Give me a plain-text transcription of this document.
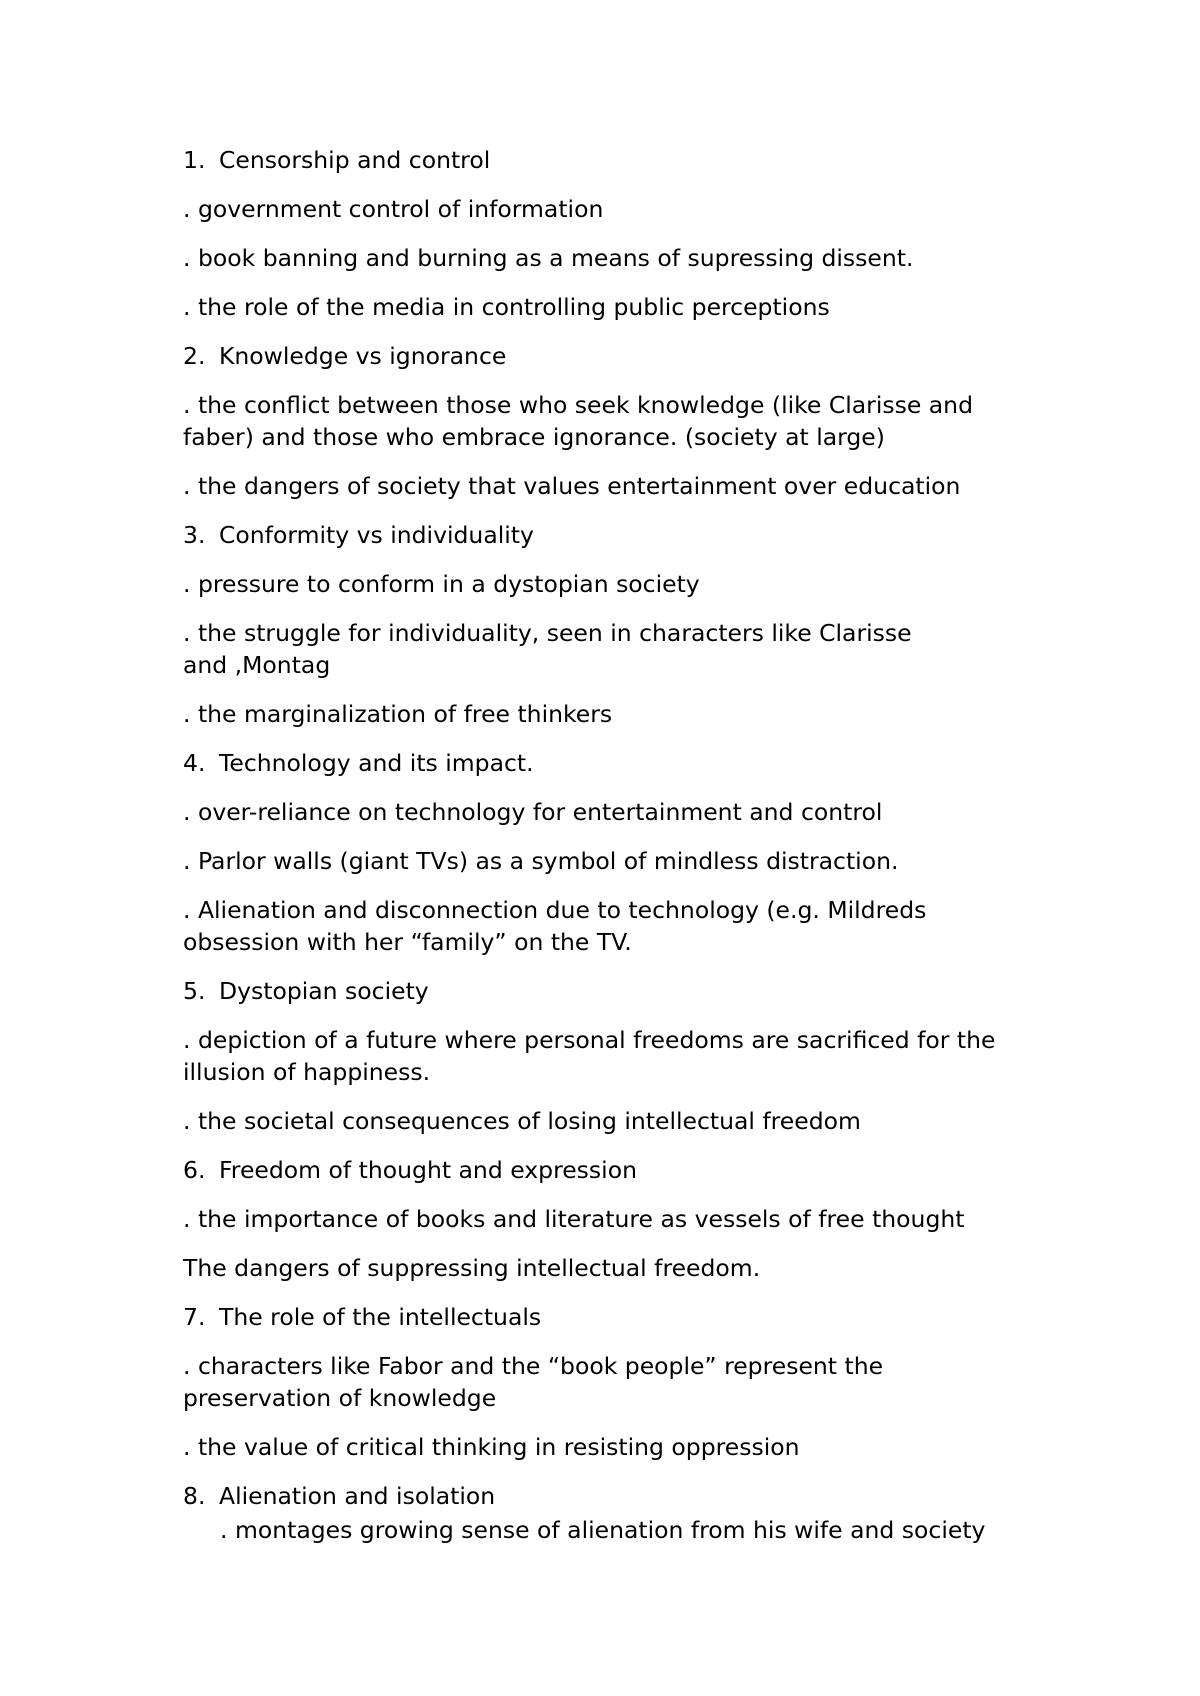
1. Censorship and control
. government control of information
. book banning and burning as a means of supressing dissent.
. the role of the media in controlling public perceptions
2. Knowledge vs ignorance
. the conflict between those who seek knowledge (like Clarisse and
faber) and those who embrace ignorance. (society at large)
. the dangers of society that values entertainment over education
3. Conformity vs individuality
. pressure to conform in a dystopian society
. the struggle for individuality, seen in characters like Clarisse
and ,Montag
. the marginalization of free thinkers
4. Technology and its impact.
. over-reliance on technology for entertainment and control
. Parlor walls (giant TVs) as a symbol of mindless distraction.
. Alienation and disconnection due to technology (e.g. Mildreds
obsession with her “family” on the TV.
5. Dystopian society
. depiction of a future where personal freedoms are sacrificed for the
illusion of happiness.
. the societal consequences of losing intellectual freedom
6. Freedom of thought and expression
. the importance of books and literature as vessels of free thought
The dangers of suppressing intellectual freedom.
7. The role of the intellectuals
. characters like Fabor and the “book people” represent the
preservation of knowledge
. the value of critical thinking in resisting oppression
8. Alienation and isolation
. montages growing sense of alienation from his wife and society
